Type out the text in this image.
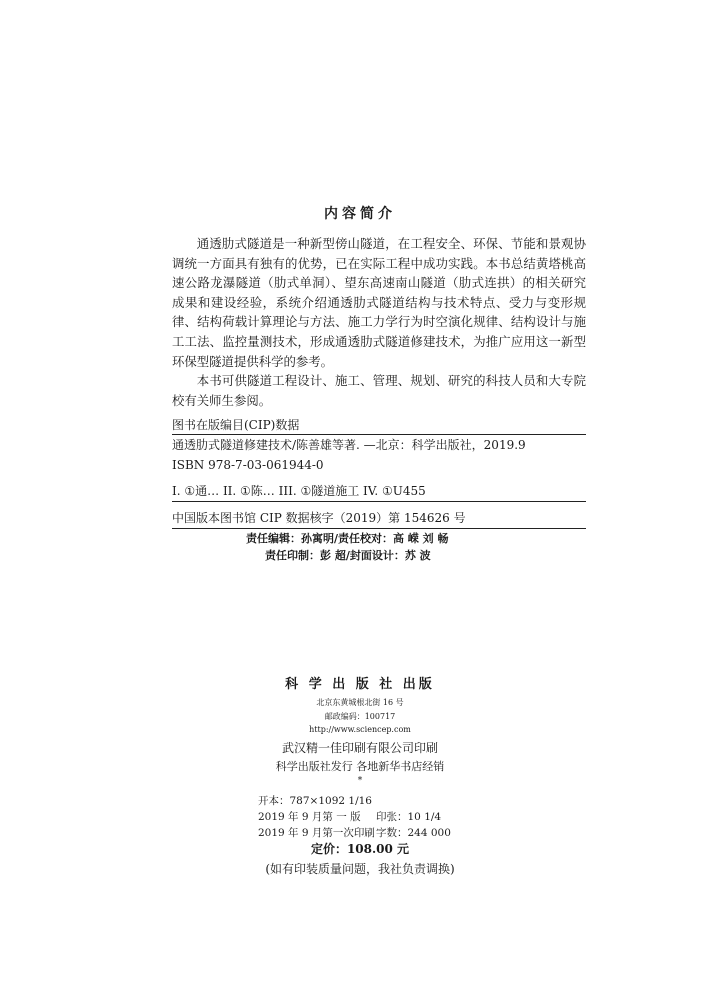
内容简介

通透肋式隧道是一种新型傍山隧道，在工程安全、环保、节能和景观协调统一方面具有独有的优势，已在实际工程中成功实践。本书总结黄塔桃高速公路龙瀑隧道（肋式单洞）、望东高速南山隧道（肋式连拱）的相关研究成果和建设经验，系统介绍通透肋式隧道结构与技术特点、受力与变形规律、结构荷载计算理论与方法、施工力学行为时空演化规律、结构设计与施工工法、监控量测技术，形成通透肋式隧道修建技术，为推广应用这一新型环保型隧道提供科学的参考。

本书可供隧道工程设计、施工、管理、规划、研究的科技人员和大专院校有关师生参阅。

图书在版编目(CIP)数据
通透肋式隧道修建技术/陈善雄等著. —北京：科学出版社，2019.9
ISBN 978-7-03-061944-0
I. ①通… II. ①陈… III. ①隧道施工 IV. ①U455
中国版本图书馆 CIP 数据核字（2019）第 154626 号
责任编辑：孙寓明/责任校对：高 嵘 刘 畅
责任印制：彭 超/封面设计：苏 波
科 学 出 版 社 出版
北京东黄城根北街 16 号
邮政编码：100717
http://www.sciencep.com
武汉精一佳印刷有限公司印刷
科学出版社发行 各地新华书店经销
*
开本：787×1092 1/16
2019 年 9 月第 一 版 印张：10 1/4
2019 年 9 月第一次印刷字数：244 000
定价：108.00 元
(如有印装质量问题，我社负责调换)
